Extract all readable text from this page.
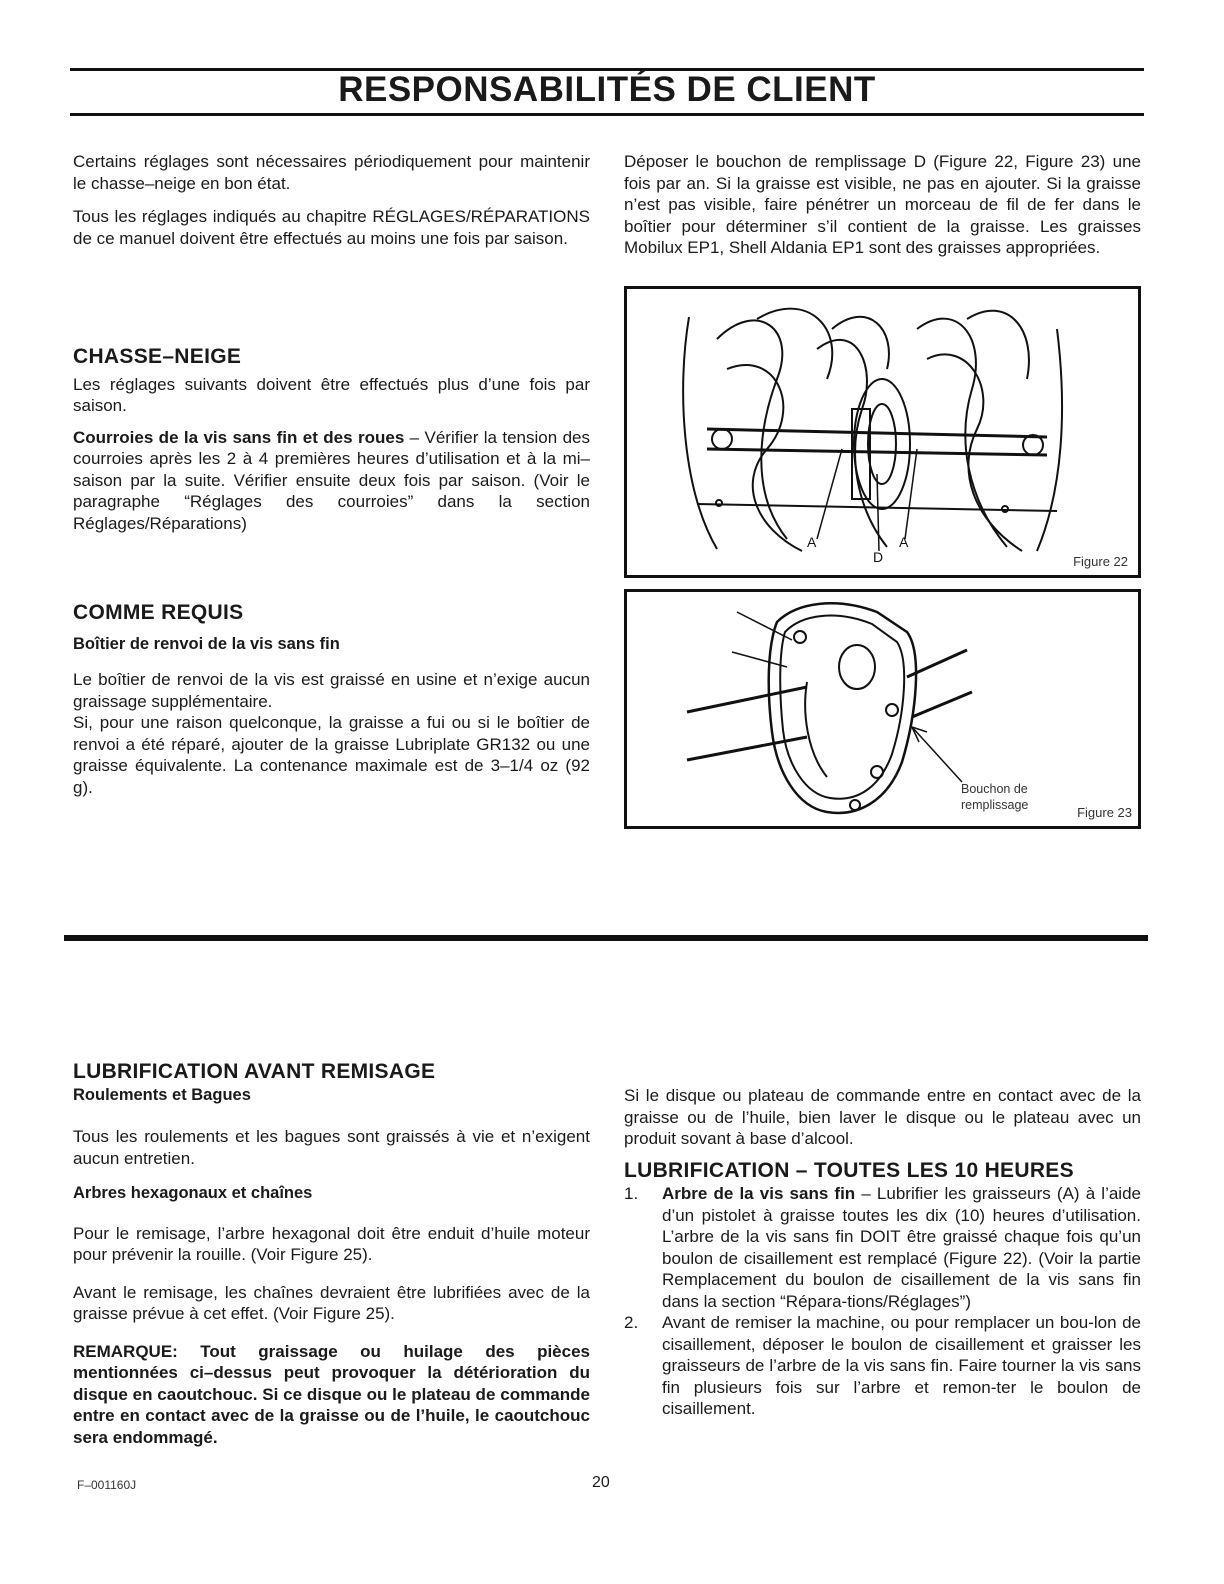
RESPONSABILITÉS DE CLIENT

Certains réglages sont nécessaires périodiquement pour maintenir le chasse–neige en bon état.

Tous les réglages indiqués au chapitre RÉGLAGES/RÉPARATIONS de ce manuel doivent être effectués au moins une fois par saison.

CHASSE–NEIGE

Les réglages suivants doivent être effectués plus d’une fois par saison.

Courroies de la vis sans fin et des roues – Vérifier la tension des courroies après les 2 à 4 premières heures d’utilisation et à la mi–saison par la suite. Vérifier ensuite deux fois par saison. (Voir le paragraphe “Réglages des courroies” dans la section Réglages/Réparations)

COMME REQUIS
Boîtier de renvoi de la vis sans fin

Le boîtier de renvoi de la vis est graissé en usine et n’exige aucun graissage supplémentaire.

Si, pour une raison quelconque, la graisse a fui ou si le boîtier de renvoi a été réparé, ajouter de la graisse Lubriplate GR132 ou une graisse équivalente. La contenance maximale est de 3–1/4 oz (92 g).

Déposer le bouchon de remplissage D (Figure 22, Figure 23) une fois par an. Si la graisse est visible, ne pas en ajouter. Si la graisse n’est pas visible, faire pénétrer un morceau de fil de fer dans le boîtier pour déterminer s’il contient de la graisse. Les graisses Mobilux EP1, Shell Aldania EP1 sont des graisses appropriées.

A
D
A
Figure 22
Bouchon de
remplissage	Figure 23
LUBRIFICATION AVANT REMISAGE
Roulements et Bagues

Tous les roulements et les bagues sont graissés à vie et n’exigent aucun entretien.

Arbres hexagonaux et chaînes

Pour le remisage, l’arbre hexagonal doit être enduit d’huile moteur pour prévenir la rouille. (Voir Figure 25).

Avant le remisage, les chaînes devraient être lubrifiées avec de la graisse prévue à cet effet. (Voir Figure 25).

REMARQUE: Tout graissage ou huilage des pièces mentionnées ci–dessus peut provoquer la détérioration du disque en caoutchouc. Si ce disque ou le plateau de commande entre en contact avec de la graisse ou de l’huile, le caoutchouc sera endommagé.

Si le disque ou plateau de commande entre en contact avec de la graisse ou de l’huile, bien laver le disque ou le plateau avec un produit sovant à base d’alcool.

LUBRIFICATION – TOUTES LES 10 HEURES
1. Arbre de la vis sans fin – Lubrifier les graisseurs (A) à l’aide d’un pistolet à graisse toutes les dix (10) heures d’utilisation. L’arbre de la vis sans fin DOIT être graissé chaque fois qu’un boulon de cisaillement est remplacé (Figure 22). (Voir la partie Remplacement du boulon de cisaillement de la vis sans fin dans la section “Répara-tions/Réglages”)
2. Avant de remiser la machine, ou pour remplacer un bou-lon de cisaillement, déposer le boulon de cisaillement et graisser les graisseurs de l’arbre de la vis sans fin. Faire tourner la vis sans fin plusieurs fois sur l’arbre et remon-ter le boulon de cisaillement.
F–001160J	20
